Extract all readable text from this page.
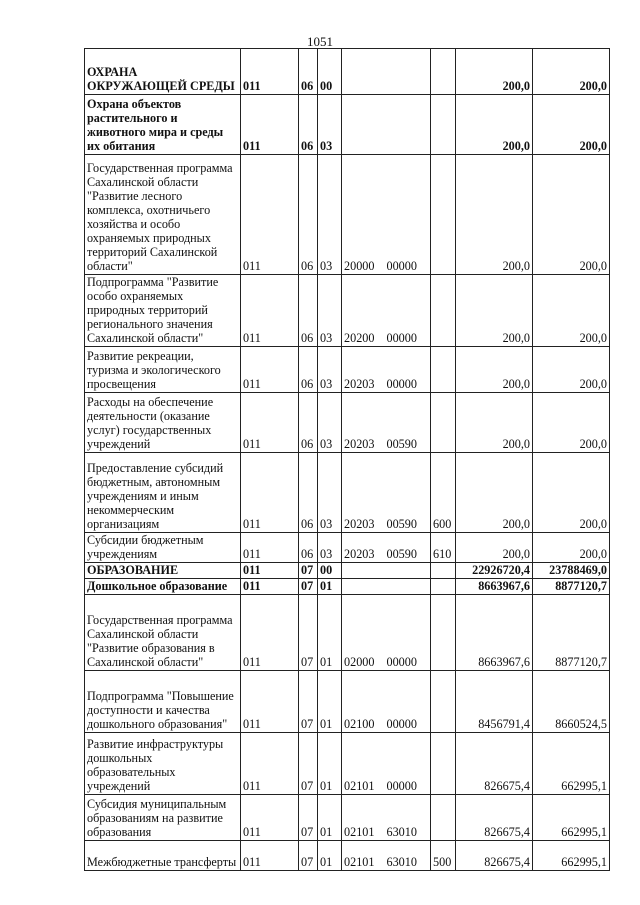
1051
ОХРАНА ОКРУЖАЮЩЕЙ СРЕДЫ	011	06	00			200,0	200,0
Охрана объектов растительного и животного мира и среды их обитания	011	06	03			200,0	200,0
Государственная программа Сахалинской области "Развитие лесного комплекса, охотничьего хозяйства и особо охраняемых природных территорий Сахалинской области"	011	06	03	20000 00000		200,0	200,0
Подпрограмма "Развитие особо охраняемых природных территорий регионального значения Сахалинской области"	011	06	03	20200 00000		200,0	200,0
Развитие рекреации, туризма и экологического просвещения	011	06	03	20203 00000		200,0	200,0
Расходы на обеспечение деятельности (оказание услуг) государственных учреждений	011	06	03	20203 00590		200,0	200,0
Предоставление субсидий бюджетным, автономным учреждениям и иным некоммерческим организациям	011	06	03	20203 00590	600	200,0	200,0
Субсидии бюджетным учреждениям	011	06	03	20203 00590	610	200,0	200,0
ОБРАЗОВАНИЕ	011	07	00			22926720,4	23788469,0
Дошкольное образование	011	07	01			8663967,6	8877120,7
Государственная программа Сахалинской области "Развитие образования в Сахалинской области"	011	07	01	02000 00000		8663967,6	8877120,7
Подпрограмма "Повышение доступности и качества дошкольного образования"	011	07	01	02100 00000		8456791,4	8660524,5
Развитие инфраструктуры дошкольных образовательных учреждений	011	07	01	02101 00000		826675,4	662995,1
Субсидия муниципальным образованиям на развитие образования	011	07	01	02101 63010		826675,4	662995,1
Межбюджетные трансферты	011	07	01	02101 63010	500	826675,4	662995,1
